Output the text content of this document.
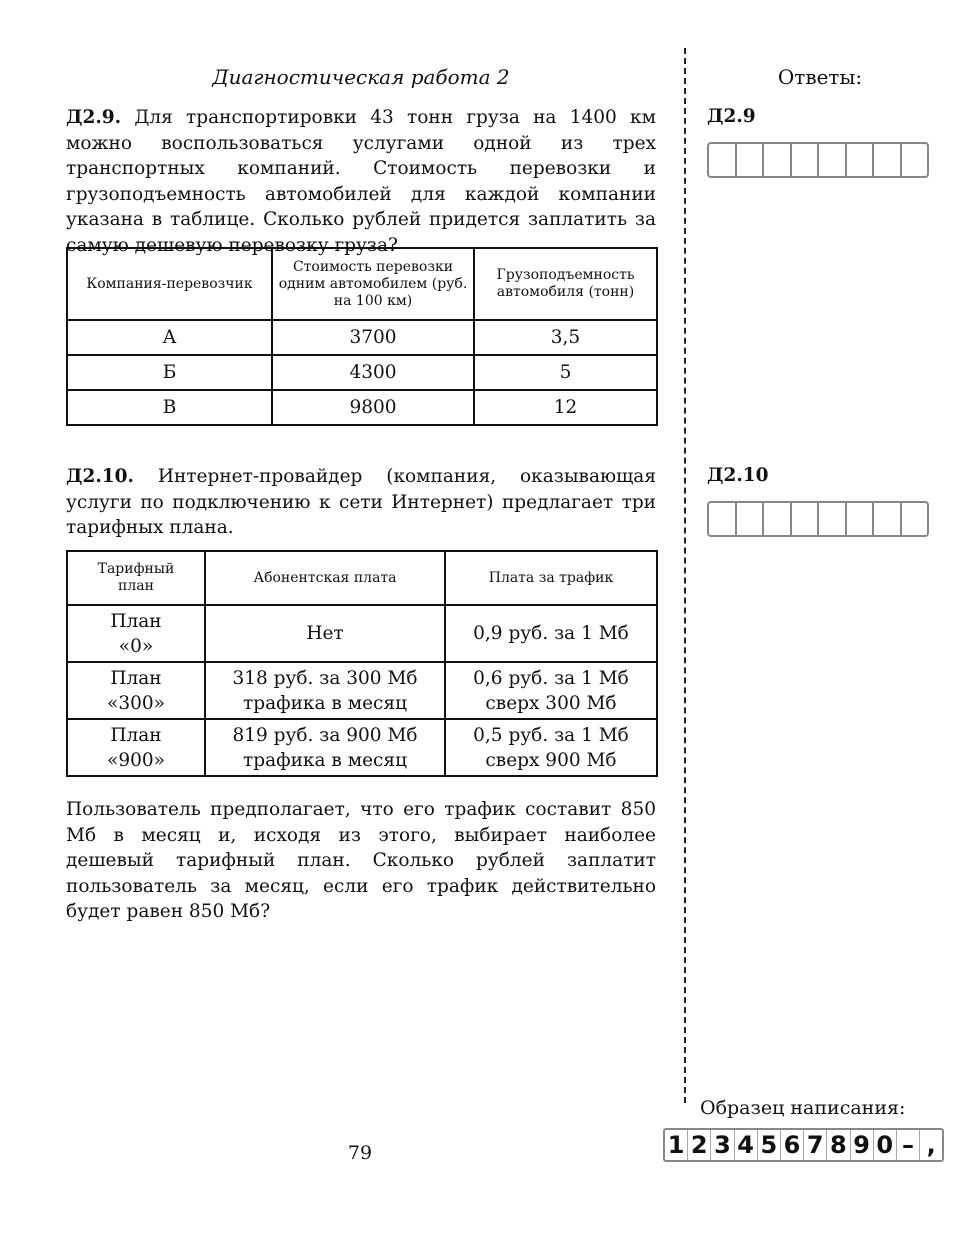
Диагностическая работа 2	Ответы:

Д2.9. Для транспортировки 43 тонн груза на 1400 км можно воспользоваться услугами одной из трех транспортных компаний. Стоимость перевозки и грузоподъемность автомобилей для каждой компании указана в таблице. Сколько рублей придется заплатить за самую дешевую перевозку груза?

Компания-перевозчик	Стоимость перевозки одним автомобилем (руб. на 100 км)	Грузоподъемность автомобиля (тонн)
А	3700	3,5
Б	4300	5
В	9800	12

Д2.10. Интернет-провайдер (компания, оказывающая услуги по подключению к сети Интернет) предлагает три тарифных плана.

Тарифный план	Абонентская плата	Плата за трафик
План «0»	Нет	0,9 руб. за 1 Мб
План «300»	318 руб. за 300 Мб трафика в месяц	0,6 руб. за 1 Мб сверх 300 Мб
План «900»	819 руб. за 900 Мб трафика в месяц	0,5 руб. за 1 Мб сверх 900 Мб

Пользователь предполагает, что его трафик составит 850 Мб в месяц и, исходя из этого, выбирает наиболее дешевый тарифный план. Сколько рублей заплатит пользователь за месяц, если его трафик действительно будет равен 850 Мб?

Д2.9
Д2.10
Образец написания:
1 2 3 4 5 6 7 8 9 0 – ,
79
